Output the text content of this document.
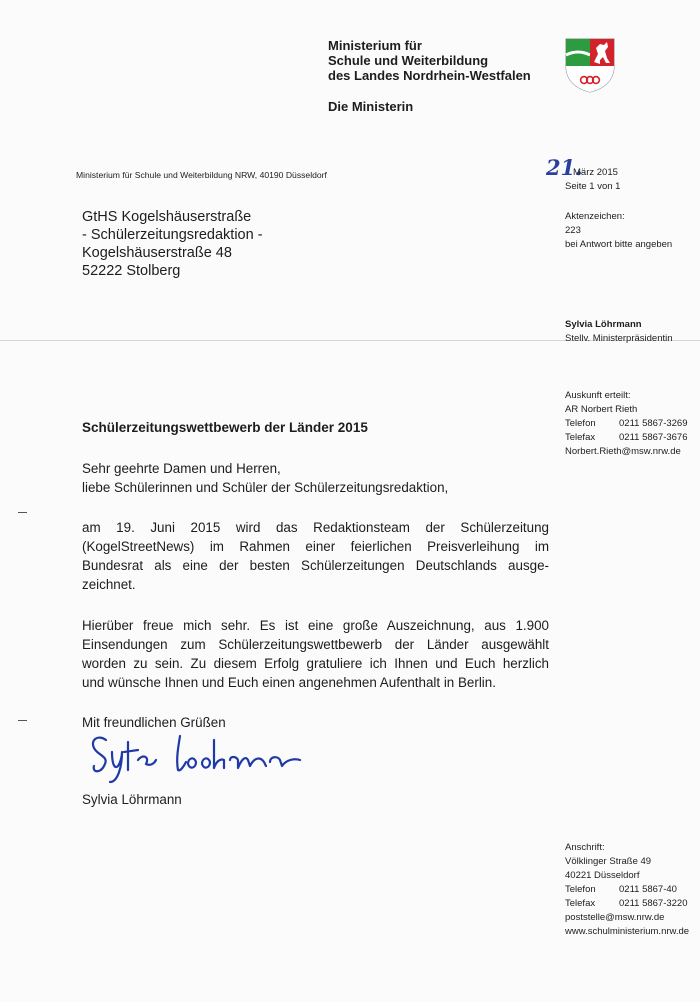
Ministerium für
Schule und Weiterbildung
des Landes Nordrhein-Westfalen
Die Ministerin
Ministerium für Schule und Weiterbildung NRW, 40190 Düsseldorf	21.
März 2015
Seite 1 von 1
Aktenzeichen:
223
bei Antwort bitte angeben
GtHS Kogelshäuserstraße
- Schülerzeitungsredaktion -
Kogelshäuserstraße 48
52222 Stolberg
Sylvia Löhrmann
Stellv. Ministerpräsidentin
Auskunft erteilt:
AR Norbert Rieth
Telefon	0211 5867-3269
Telefax	0211 5867-3676
Norbert.Rieth@msw.nrw.de
Schülerzeitungswettbewerb der Länder 2015
Sehr geehrte Damen und Herren,
liebe Schülerinnen und Schüler der Schülerzeitungsredaktion,
am 19. Juni 2015 wird das Redaktionsteam der Schülerzeitung
(KogelStreetNews) im Rahmen einer feierlichen Preisverleihung im
Bundesrat als eine der besten Schülerzeitungen Deutschlands ausge-
zeichnet.
Hierüber freue mich sehr. Es ist eine große Auszeichnung, aus 1.900
Einsendungen zum Schülerzeitungswettbewerb der Länder ausgewählt
worden zu sein. Zu diesem Erfolg gratuliere ich Ihnen und Euch herzlich
und wünsche Ihnen und Euch einen angenehmen Aufenthalt in Berlin.
Mit freundlichen Grüßen
Sylvia Löhrmann
Anschrift:
Völklinger Straße 49
40221 Düsseldorf
Telefon	0211 5867-40
Telefax	0211 5867-3220
poststelle@msw.nrw.de
www.schulministerium.nrw.de
